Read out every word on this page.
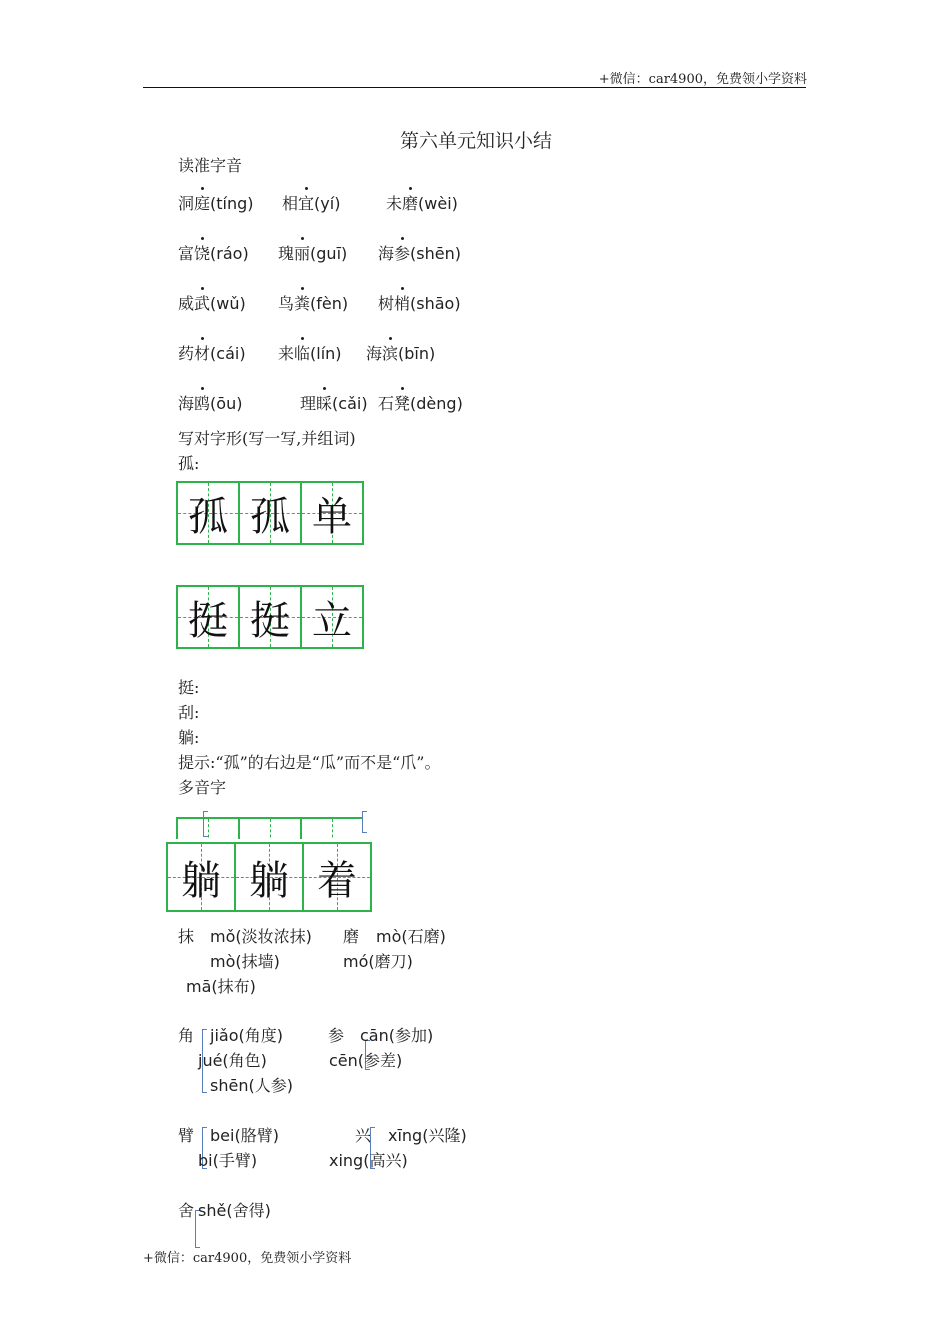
+微信：car4900，免费领小学资料
第六单元知识小结
读准字音
洞庭(tíng) 相宜(yí)	未磨(wèi)
富饶(ráo) 瑰丽(guī) 海参(shēn)
威武(wǔ) 鸟粪(fèn) 树梢(shāo)
药材(cái) 来临(lín) 海滨(bīn)
海鸥(ōu)	理睬(cǎi) 石凳(dèng)
写对字形(写一写,并组词)
孤:
孤 孤 单
挺 挺 立
挺:
刮:
躺:
提示:“孤”的右边是“瓜”而不是“爪”。
多音字
躺 躺 着
抹 mǒ(淡妆浓抹)
mò(抹墙)
mā(抹布)
磨 mò(石磨)
mó(磨刀)
角 jiǎo(角度)
jué(角色)
shēn(人参)
参 cān(参加)
cēn(参差)
臂 bei(胳臂)
bi(手臂)
兴 xīng(兴隆)
xing(高兴)
舍 shě(舍得)
+微信：car4900，免费领小学资料
